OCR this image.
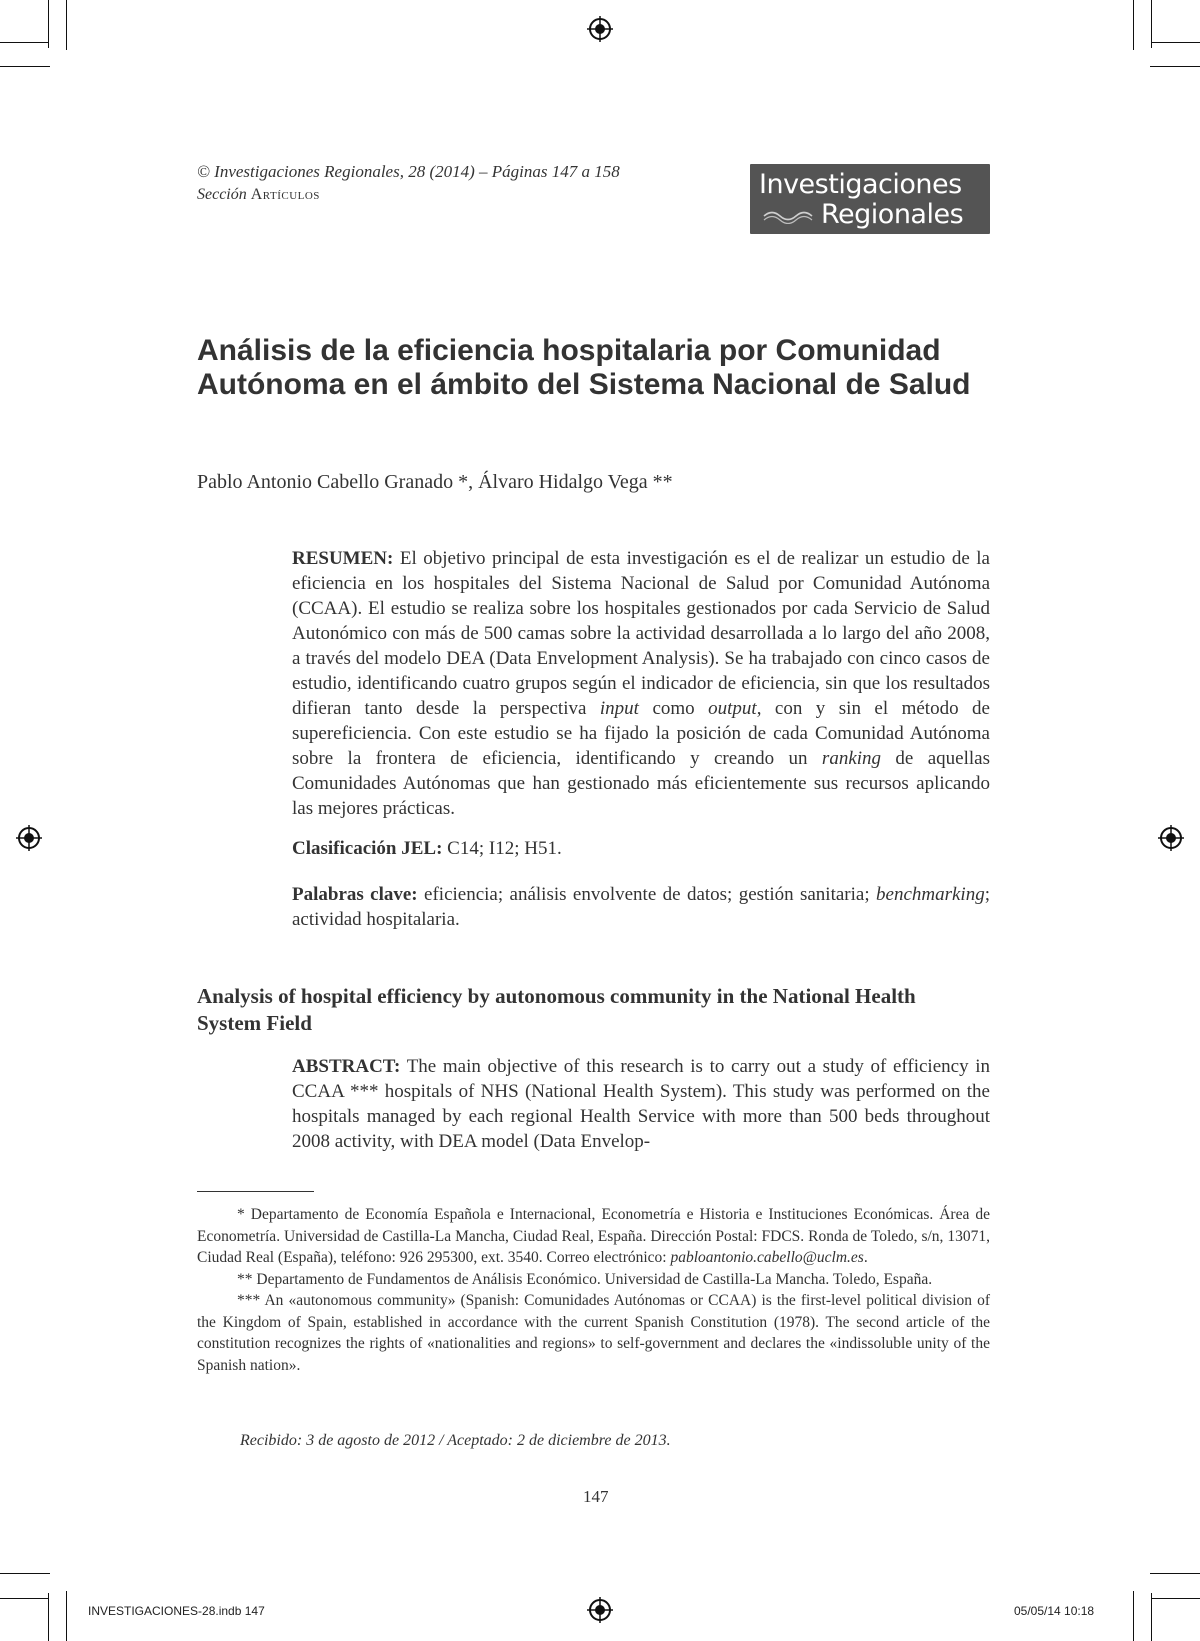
© Investigaciones Regionales, 28 (2014) – Páginas 147 a 158
Sección Artículos	Investigaciones
Regionales
Análisis de la eficiencia hospitalaria por Comunidad Autónoma en el ámbito del Sistema Nacional de Salud
Pablo Antonio Cabello Granado *, Álvaro Hidalgo Vega **
RESUMEN: El objetivo principal de esta investigación es el de realizar un estudio de la eficiencia en los hospitales del Sistema Nacional de Salud por Comunidad Autónoma (CCAA). El estudio se realiza sobre los hospitales gestionados por cada Servicio de Salud Autonómico con más de 500 camas sobre la actividad desarrollada a lo largo del año 2008, a través del modelo DEA (Data Envelopment Analysis). Se ha trabajado con cinco casos de estudio, identificando cuatro grupos según el indicador de eficiencia, sin que los resultados difieran tanto desde la perspectiva input como output, con y sin el método de supereficiencia. Con este estudio se ha fijado la posición de cada Comunidad Autónoma sobre la frontera de eficiencia, identificando y creando un ranking de aquellas Comunidades Autónomas que han gestionado más eficientemente sus recursos aplicando las mejores prácticas.
Clasificación JEL: C14; I12; H51.
Palabras clave: eficiencia; análisis envolvente de datos; gestión sanitaria; benchmarking; actividad hospitalaria.
Analysis of hospital efficiency by autonomous community in the National Health System Field
ABSTRACT: The main objective of this research is to carry out a study of efficiency in CCAA *** hospitals of NHS (National Health System). This study was performed on the hospitals managed by each regional Health Service with more than 500 beds throughout 2008 activity, with DEA model (Data Envelop-

* Departamento de Economía Española e Internacional, Econometría e Historia e Instituciones Económicas. Área de Econometría. Universidad de Castilla-La Mancha, Ciudad Real, España. Dirección Postal: FDCS. Ronda de Toledo, s/n, 13071, Ciudad Real (España), teléfono: 926 295300, ext. 3540. Correo electrónico: pabloantonio.cabello@uclm.es.

** Departamento de Fundamentos de Análisis Económico. Universidad de Castilla-La Mancha. Toledo, España.

*** An «autonomous community» (Spanish: Comunidades Autónomas or CCAA) is the first-level political division of the Kingdom of Spain, established in accordance with the current Spanish Constitution (1978). The second article of the constitution recognizes the rights of «nationalities and regions» to self-government and declares the «indissoluble unity of the Spanish nation».

Recibido: 3 de agosto de 2012 / Aceptado: 2 de diciembre de 2013.
147
INVESTIGACIONES-28.indb 147	05/05/14 10:18
